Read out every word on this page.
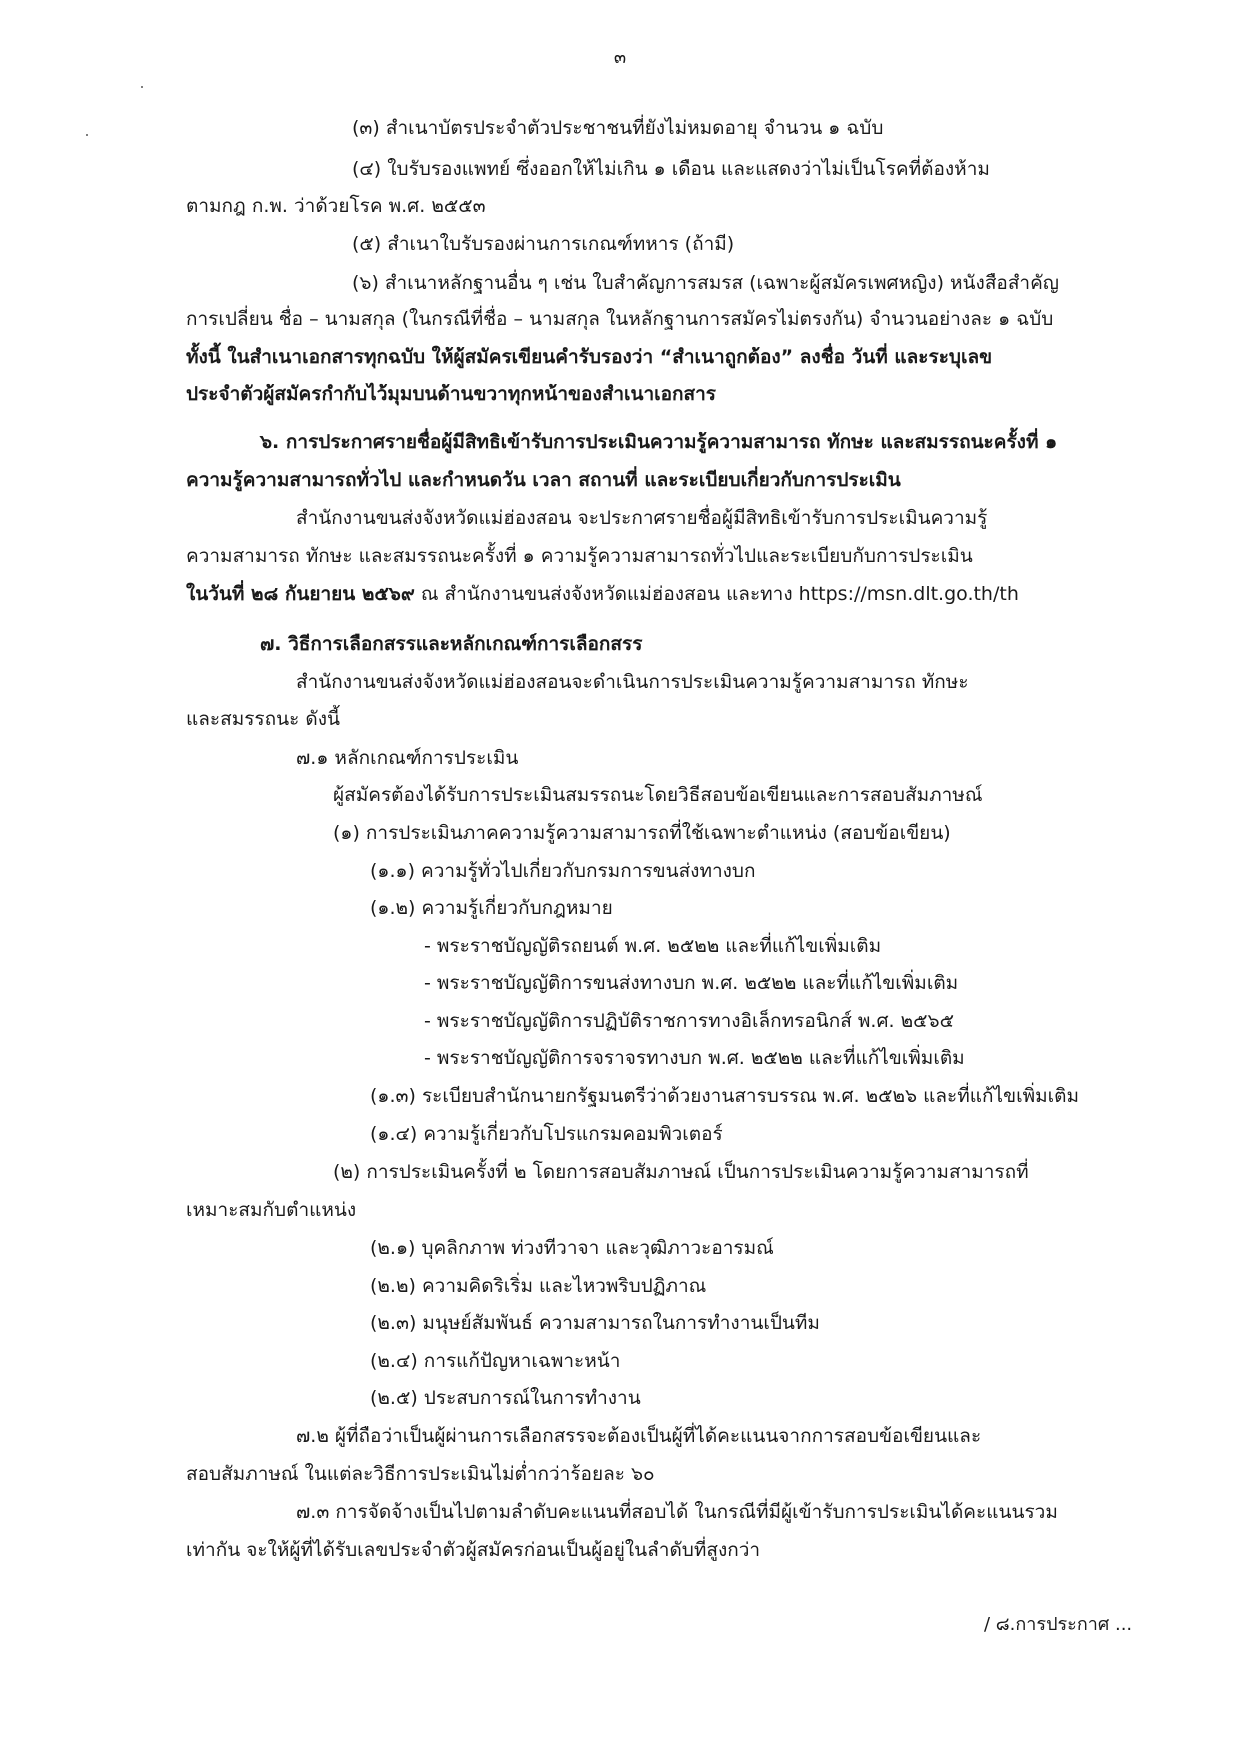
๓
(๓) สำเนาบัตรประจำตัวประชาชนที่ยังไม่หมดอายุ จำนวน ๑ ฉบับ
(๔) ใบรับรองแพทย์ ซึ่งออกให้ไม่เกิน ๑ เดือน และแสดงว่าไม่เป็นโรคที่ต้องห้าม
ตามกฎ ก.พ. ว่าด้วยโรค พ.ศ. ๒๕๕๓
(๕) สำเนาใบรับรองผ่านการเกณฑ์ทหาร (ถ้ามี)
(๖) สำเนาหลักฐานอื่น ๆ เช่น ใบสำคัญการสมรส (เฉพาะผู้สมัครเพศหญิง) หนังสือสำคัญ
การเปลี่ยน ชื่อ – นามสกุล (ในกรณีที่ชื่อ – นามสกุล ในหลักฐานการสมัครไม่ตรงกัน) จำนวนอย่างละ ๑ ฉบับ
ทั้งนี้ ในสำเนาเอกสารทุกฉบับ ให้ผู้สมัครเขียนคำรับรองว่า “สำเนาถูกต้อง” ลงชื่อ วันที่ และระบุเลข
ประจำตัวผู้สมัครกำกับไว้มุมบนด้านขวาทุกหน้าของสำเนาเอกสาร
๖. การประกาศรายชื่อผู้มีสิทธิเข้ารับการประเมินความรู้ความสามารถ ทักษะ และสมรรถนะครั้งที่ ๑
ความรู้ความสามารถทั่วไป และกำหนดวัน เวลา สถานที่ และระเบียบเกี่ยวกับการประเมิน
สำนักงานขนส่งจังหวัดแม่ฮ่องสอน จะประกาศรายชื่อผู้มีสิทธิเข้ารับการประเมินความรู้
ความสามารถ ทักษะ และสมรรถนะครั้งที่ ๑ ความรู้ความสามารถทั่วไปและระเบียบกับการประเมิน
ในวันที่ ๒๘ กันยายน ๒๕๖๙ ณ สำนักงานขนส่งจังหวัดแม่ฮ่องสอน และทาง https://msn.dlt.go.th/th
๗. วิธีการเลือกสรรและหลักเกณฑ์การเลือกสรร
สำนักงานขนส่งจังหวัดแม่ฮ่องสอนจะดำเนินการประเมินความรู้ความสามารถ ทักษะ
และสมรรถนะ ดังนี้
๗.๑ หลักเกณฑ์การประเมิน
ผู้สมัครต้องได้รับการประเมินสมรรถนะโดยวิธีสอบข้อเขียนและการสอบสัมภาษณ์
(๑) การประเมินภาคความรู้ความสามารถที่ใช้เฉพาะตำแหน่ง (สอบข้อเขียน)
(๑.๑) ความรู้ทั่วไปเกี่ยวกับกรมการขนส่งทางบก
(๑.๒) ความรู้เกี่ยวกับกฎหมาย
- พระราชบัญญัติรถยนต์ พ.ศ. ๒๕๒๒ และที่แก้ไขเพิ่มเติม
- พระราชบัญญัติการขนส่งทางบก พ.ศ. ๒๕๒๒ และที่แก้ไขเพิ่มเติม
- พระราชบัญญัติการปฏิบัติราชการทางอิเล็กทรอนิกส์ พ.ศ. ๒๕๖๕
- พระราชบัญญัติการจราจรทางบก พ.ศ. ๒๕๒๒ และที่แก้ไขเพิ่มเติม
(๑.๓) ระเบียบสำนักนายกรัฐมนตรีว่าด้วยงานสารบรรณ พ.ศ. ๒๕๒๖ และที่แก้ไขเพิ่มเติม
(๑.๔) ความรู้เกี่ยวกับโปรแกรมคอมพิวเตอร์
(๒) การประเมินครั้งที่ ๒ โดยการสอบสัมภาษณ์ เป็นการประเมินความรู้ความสามารถที่
เหมาะสมกับตำแหน่ง
(๒.๑) บุคลิกภาพ ท่วงทีวาจา และวุฒิภาวะอารมณ์
(๒.๒) ความคิดริเริ่ม และไหวพริบปฏิภาณ
(๒.๓) มนุษย์สัมพันธ์ ความสามารถในการทำงานเป็นทีม
(๒.๔) การแก้ปัญหาเฉพาะหน้า
(๒.๕) ประสบการณ์ในการทำงาน
๗.๒ ผู้ที่ถือว่าเป็นผู้ผ่านการเลือกสรรจะต้องเป็นผู้ที่ได้คะแนนจากการสอบข้อเขียนและ
สอบสัมภาษณ์ ในแต่ละวิธีการประเมินไม่ต่ำกว่าร้อยละ ๖๐
๗.๓ การจัดจ้างเป็นไปตามลำดับคะแนนที่สอบได้ ในกรณีที่มีผู้เข้ารับการประเมินได้คะแนนรวม
เท่ากัน จะให้ผู้ที่ได้รับเลขประจำตัวผู้สมัครก่อนเป็นผู้อยู่ในลำดับที่สูงกว่า
/ ๘.การประกาศ ...
